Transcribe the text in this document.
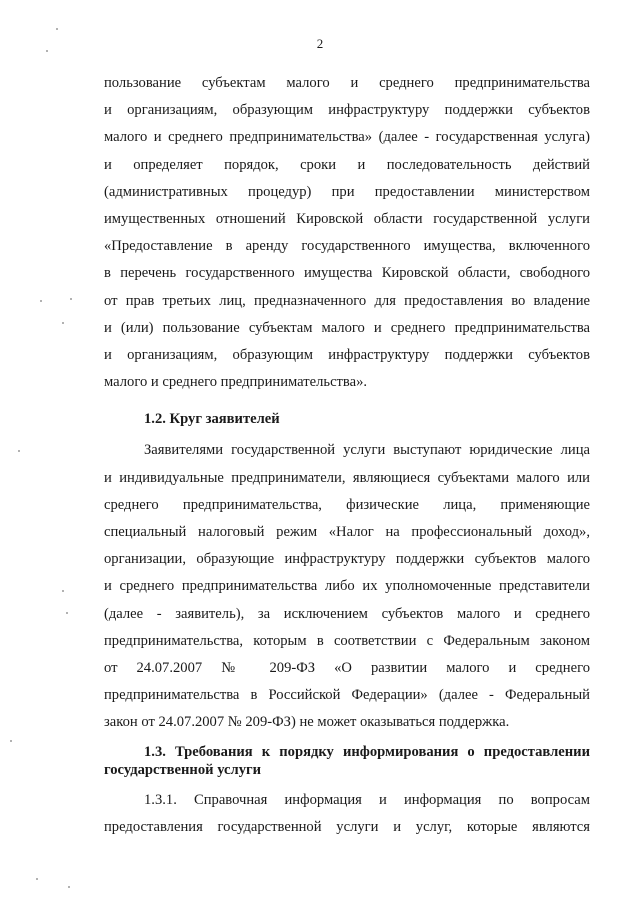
2
пользование субъектам малого и среднего предпринимательства
и организациям, образующим инфраструктуру поддержки субъектов
малого и среднего предпринимательства» (далее - государственная услуга)
и определяет порядок, сроки и последовательность действий
(административных процедур) при предоставлении министерством
имущественных отношений Кировской области государственной услуги
«Предоставление в аренду государственного имущества, включенного
в перечень государственного имущества Кировской области, свободного
от прав третьих лиц, предназначенного для предоставления во владение
и (или) пользование субъектам малого и среднего предпринимательства
и организациям, образующим инфраструктуру поддержки субъектов
малого и среднего предпринимательства».
1.2. Круг заявителей
Заявителями государственной услуги выступают юридические лица
и индивидуальные предприниматели, являющиеся субъектами малого или
среднего предпринимательства, физические лица, применяющие
специальный налоговый режим «Налог на профессиональный доход»,
организации, образующие инфраструктуру поддержки субъектов малого
и среднего предпринимательства либо их уполномоченные представители
(далее - заявитель), за исключением субъектов малого и среднего
предпринимательства, которым в соответствии с Федеральным законом
от 24.07.2007 № 209-ФЗ «О развитии малого и среднего
предпринимательства в Российской Федерации» (далее - Федеральный
закон от 24.07.2007 № 209-ФЗ) не может оказываться поддержка.
1.3. Требования к порядку информирования о предоставлении
государственной услуги
1.3.1. Справочная информация и информация по вопросам
предоставления государственной услуги и услуг, которые являются
